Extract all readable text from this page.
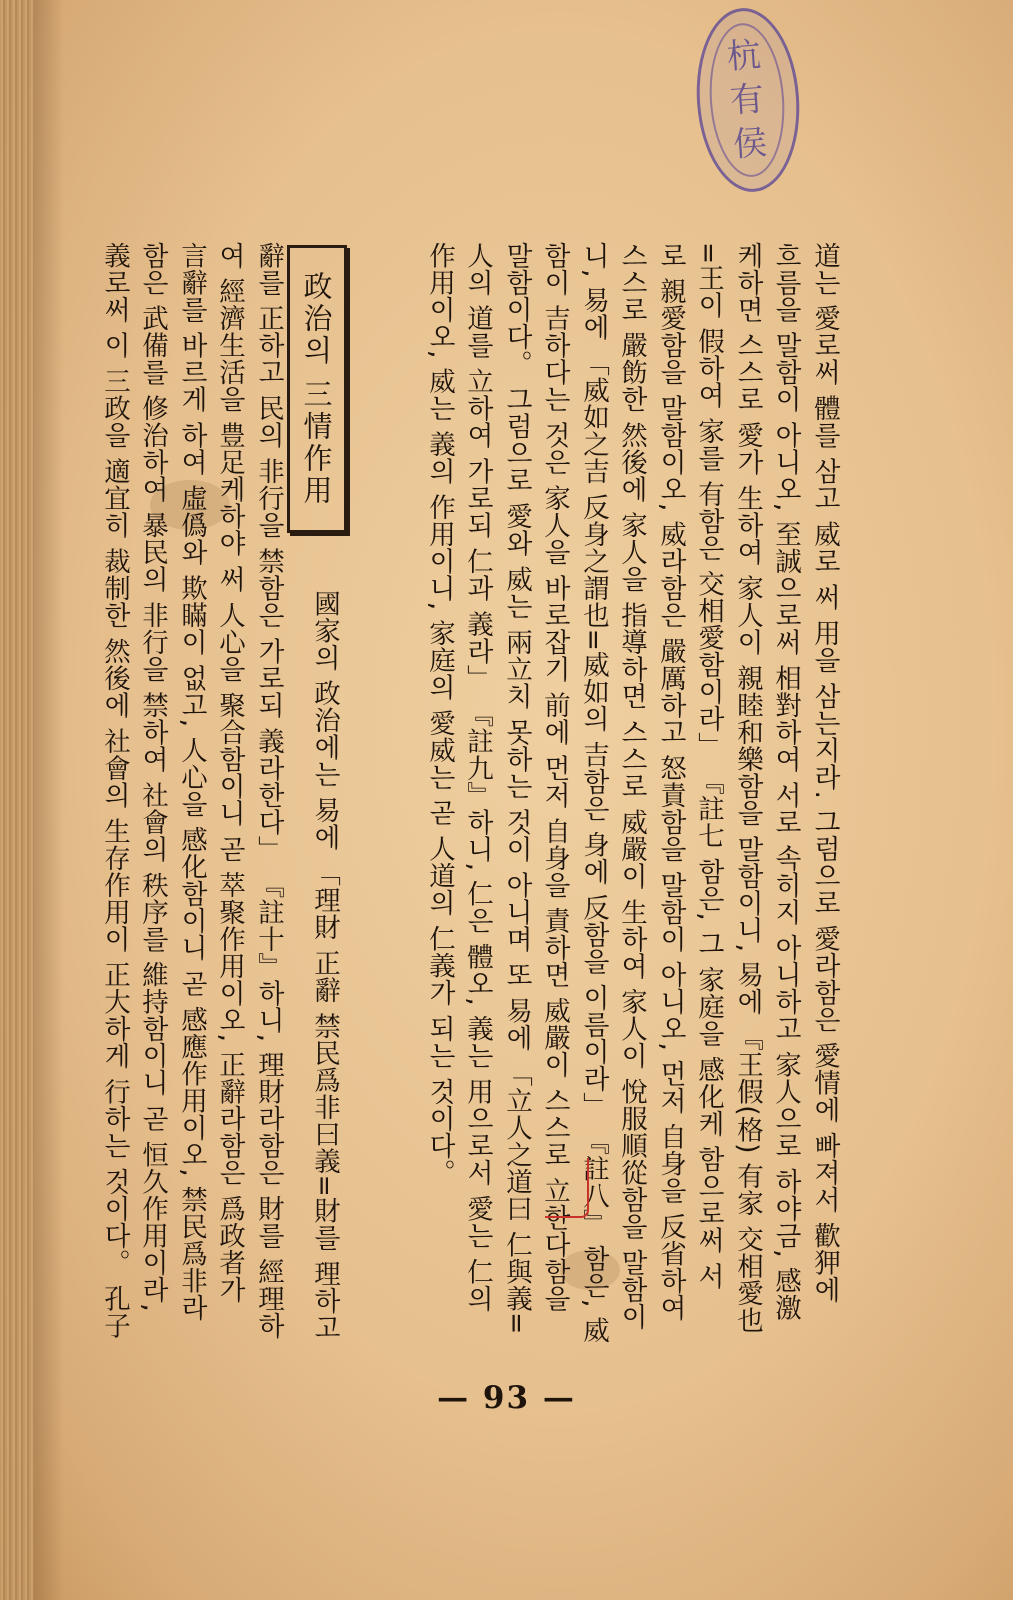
杭
有
侯
道는 愛로써 體를 삼고 威로 써 用을 삼는지라. 그럼으로 愛라함은 愛情에 빠져서 歡狎에
흐름을 말함이 아니오, 至誠으로써 相對하여 서로 속히지 아니하고 家人으로 하야금, 感激
케하면 스스로 愛가 生하여 家人이 親睦和樂함을 말함이니, 易에 『王假(格) 有家 交相愛也
=王이 假하여 家를 有함은 交相愛함이라」 『註七 함은, 그 家庭을 感化케 함으로써 서
로 親愛함을 말함이오, 威라함은 嚴厲하고 怒責함을 말함이 아니오, 먼저 自身을 反省하여
스스로 嚴飭한 然後에 家人을 指導하면 스스로 威嚴이 生하여 家人이 悅服順從함을 말함이
니, 易에 「威如之吉 反身之謂也=威如의 吉함은 身에 反함을 이름이라」 『註八』 함은, 威
함이 吉하다는 것은 家人을 바로잡기 前에 먼저 自身을 責하면 威嚴이 스스로 立한다함을
말함이다。 그럼으로 愛와 威는 兩立치 못하는 것이 아니며 또 易에 「立人之道曰 仁與義=
人의 道를 立하여 가로되 仁과 義라」 『註九』하니, 仁은 體오, 義는 用으로서 愛는 仁의
作用이오, 威는 義의 作用이니, 家庭의 愛威는 곧 人道의 仁義가 되는 것이다。
政治의 三情作用
國家의 政治에는 易에 「理財 正辭 禁民爲非曰義=財를 理하고
辭를 正하고 民의 非行을 禁함은 가로되 義라한다」 『註十』하니, 理財라함은 財를 經理하
여 經濟生活을 豊足케하야 써 人心을 聚合함이니 곧 萃聚作用이오, 正辭라함은 爲政者가
言辭를 바르게 하여 虛僞와 欺瞞이 없고, 人心을 感化함이니 곧 感應作用이오, 禁民爲非라
함은 武備를 修治하여 暴民의 非行을 禁하여 社會의 秩序를 維持함이니 곧 恒久作用이라,
義로써 이 三政을 適宜히 裁制한 然後에 社會의 生存作用이 正大하게 行하는 것이다。 孔子
— 93 —
